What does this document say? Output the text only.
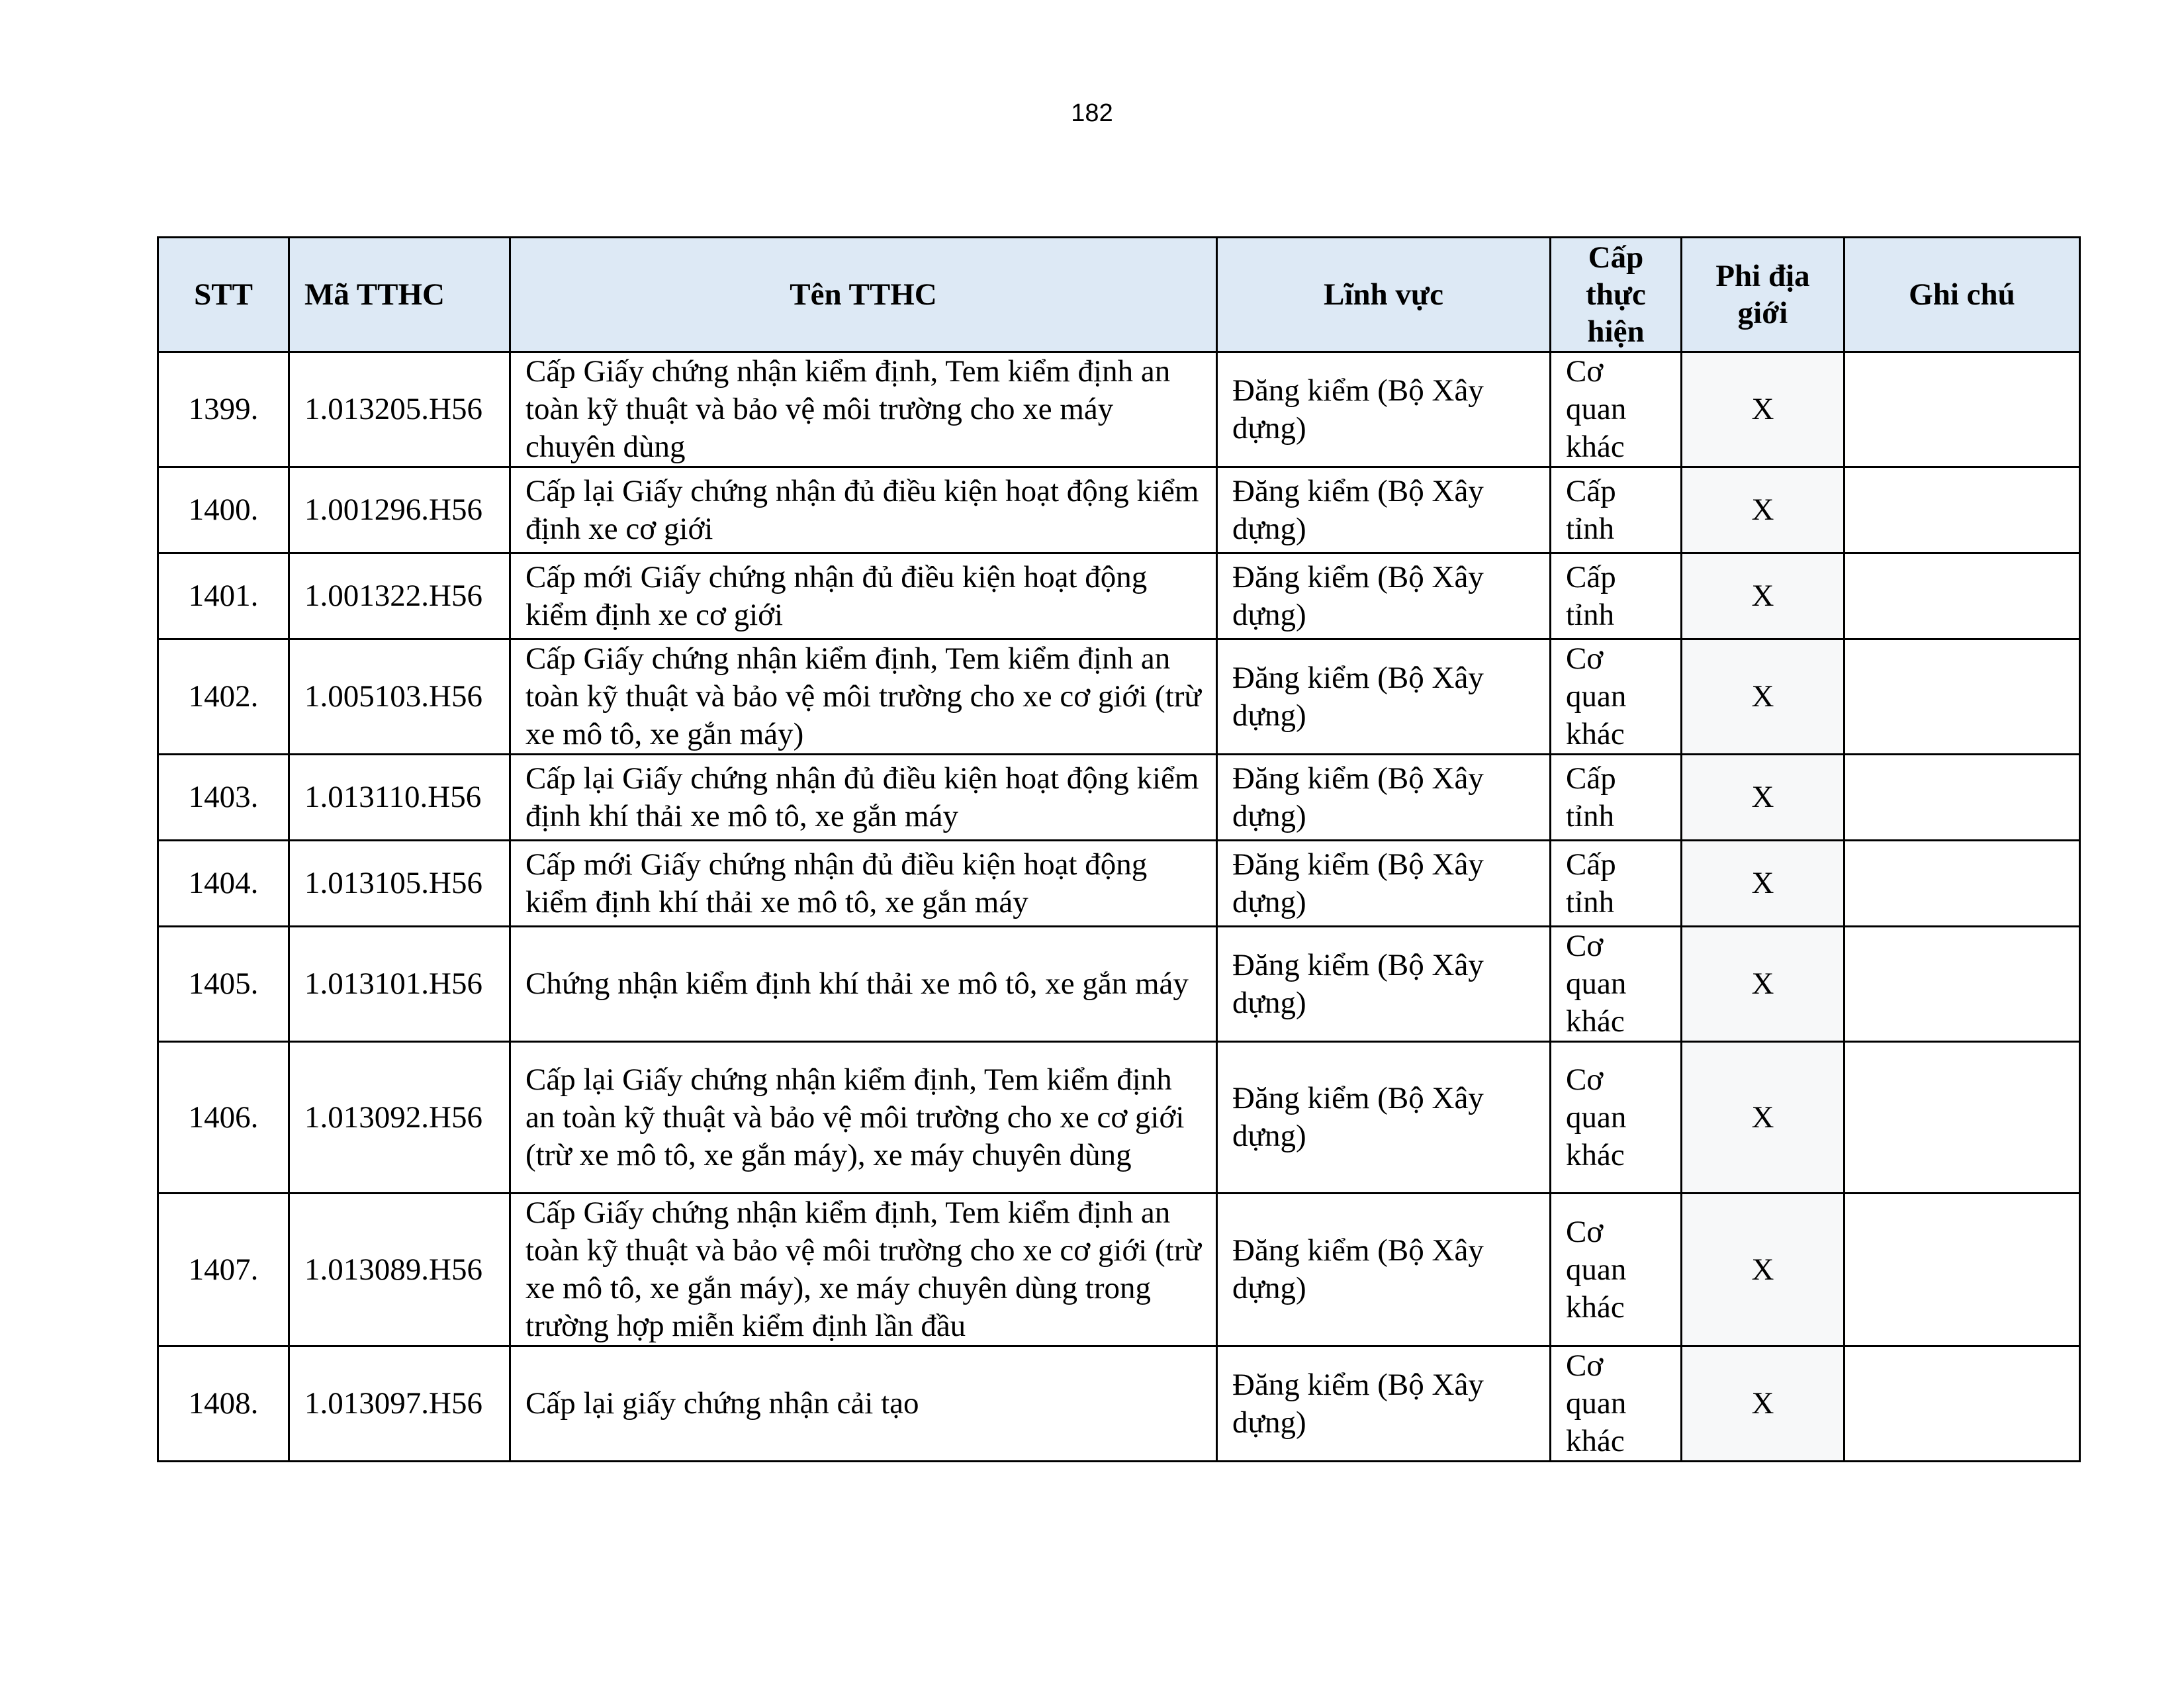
182
STT	Mã TTHC	Tên TTHC	Lĩnh vực	Cấp thực hiện	Phi địa giới	Ghi chú
1399.	1.013205.H56	Cấp Giấy chứng nhận kiểm định, Tem kiểm định an toàn kỹ thuật và bảo vệ môi trường cho xe máy chuyên dùng	Đăng kiểm (Bộ Xây dựng)	Cơ quan khác	X	
1400.	1.001296.H56	Cấp lại Giấy chứng nhận đủ điều kiện hoạt động kiểm định xe cơ giới	Đăng kiểm (Bộ Xây dựng)	Cấp tỉnh	X	
1401.	1.001322.H56	Cấp mới Giấy chứng nhận đủ điều kiện hoạt động kiểm định xe cơ giới	Đăng kiểm (Bộ Xây dựng)	Cấp tỉnh	X	
1402.	1.005103.H56	Cấp Giấy chứng nhận kiểm định, Tem kiểm định an toàn kỹ thuật và bảo vệ môi trường cho xe cơ giới (trừ xe mô tô, xe gắn máy)	Đăng kiểm (Bộ Xây dựng)	Cơ quan khác	X	
1403.	1.013110.H56	Cấp lại Giấy chứng nhận đủ điều kiện hoạt động kiểm định khí thải xe mô tô, xe gắn máy	Đăng kiểm (Bộ Xây dựng)	Cấp tỉnh	X	
1404.	1.013105.H56	Cấp mới Giấy chứng nhận đủ điều kiện hoạt động kiểm định khí thải xe mô tô, xe gắn máy	Đăng kiểm (Bộ Xây dựng)	Cấp tỉnh	X	
1405.	1.013101.H56	Chứng nhận kiểm định khí thải xe mô tô, xe gắn máy	Đăng kiểm (Bộ Xây dựng)	Cơ quan khác	X	
1406.	1.013092.H56	Cấp lại Giấy chứng nhận kiểm định, Tem kiểm định an toàn kỹ thuật và bảo vệ môi trường cho xe cơ giới (trừ xe mô tô, xe gắn máy), xe máy chuyên dùng	Đăng kiểm (Bộ Xây dựng)	Cơ quan khác	X	
1407.	1.013089.H56	Cấp Giấy chứng nhận kiểm định, Tem kiểm định an toàn kỹ thuật và bảo vệ môi trường cho xe cơ giới (trừ xe mô tô, xe gắn máy), xe máy chuyên dùng trong trường hợp miễn kiểm định lần đầu	Đăng kiểm (Bộ Xây dựng)	Cơ quan khác	X	
1408.	1.013097.H56	Cấp lại giấy chứng nhận cải tạo	Đăng kiểm (Bộ Xây dựng)	Cơ quan khác	X	
